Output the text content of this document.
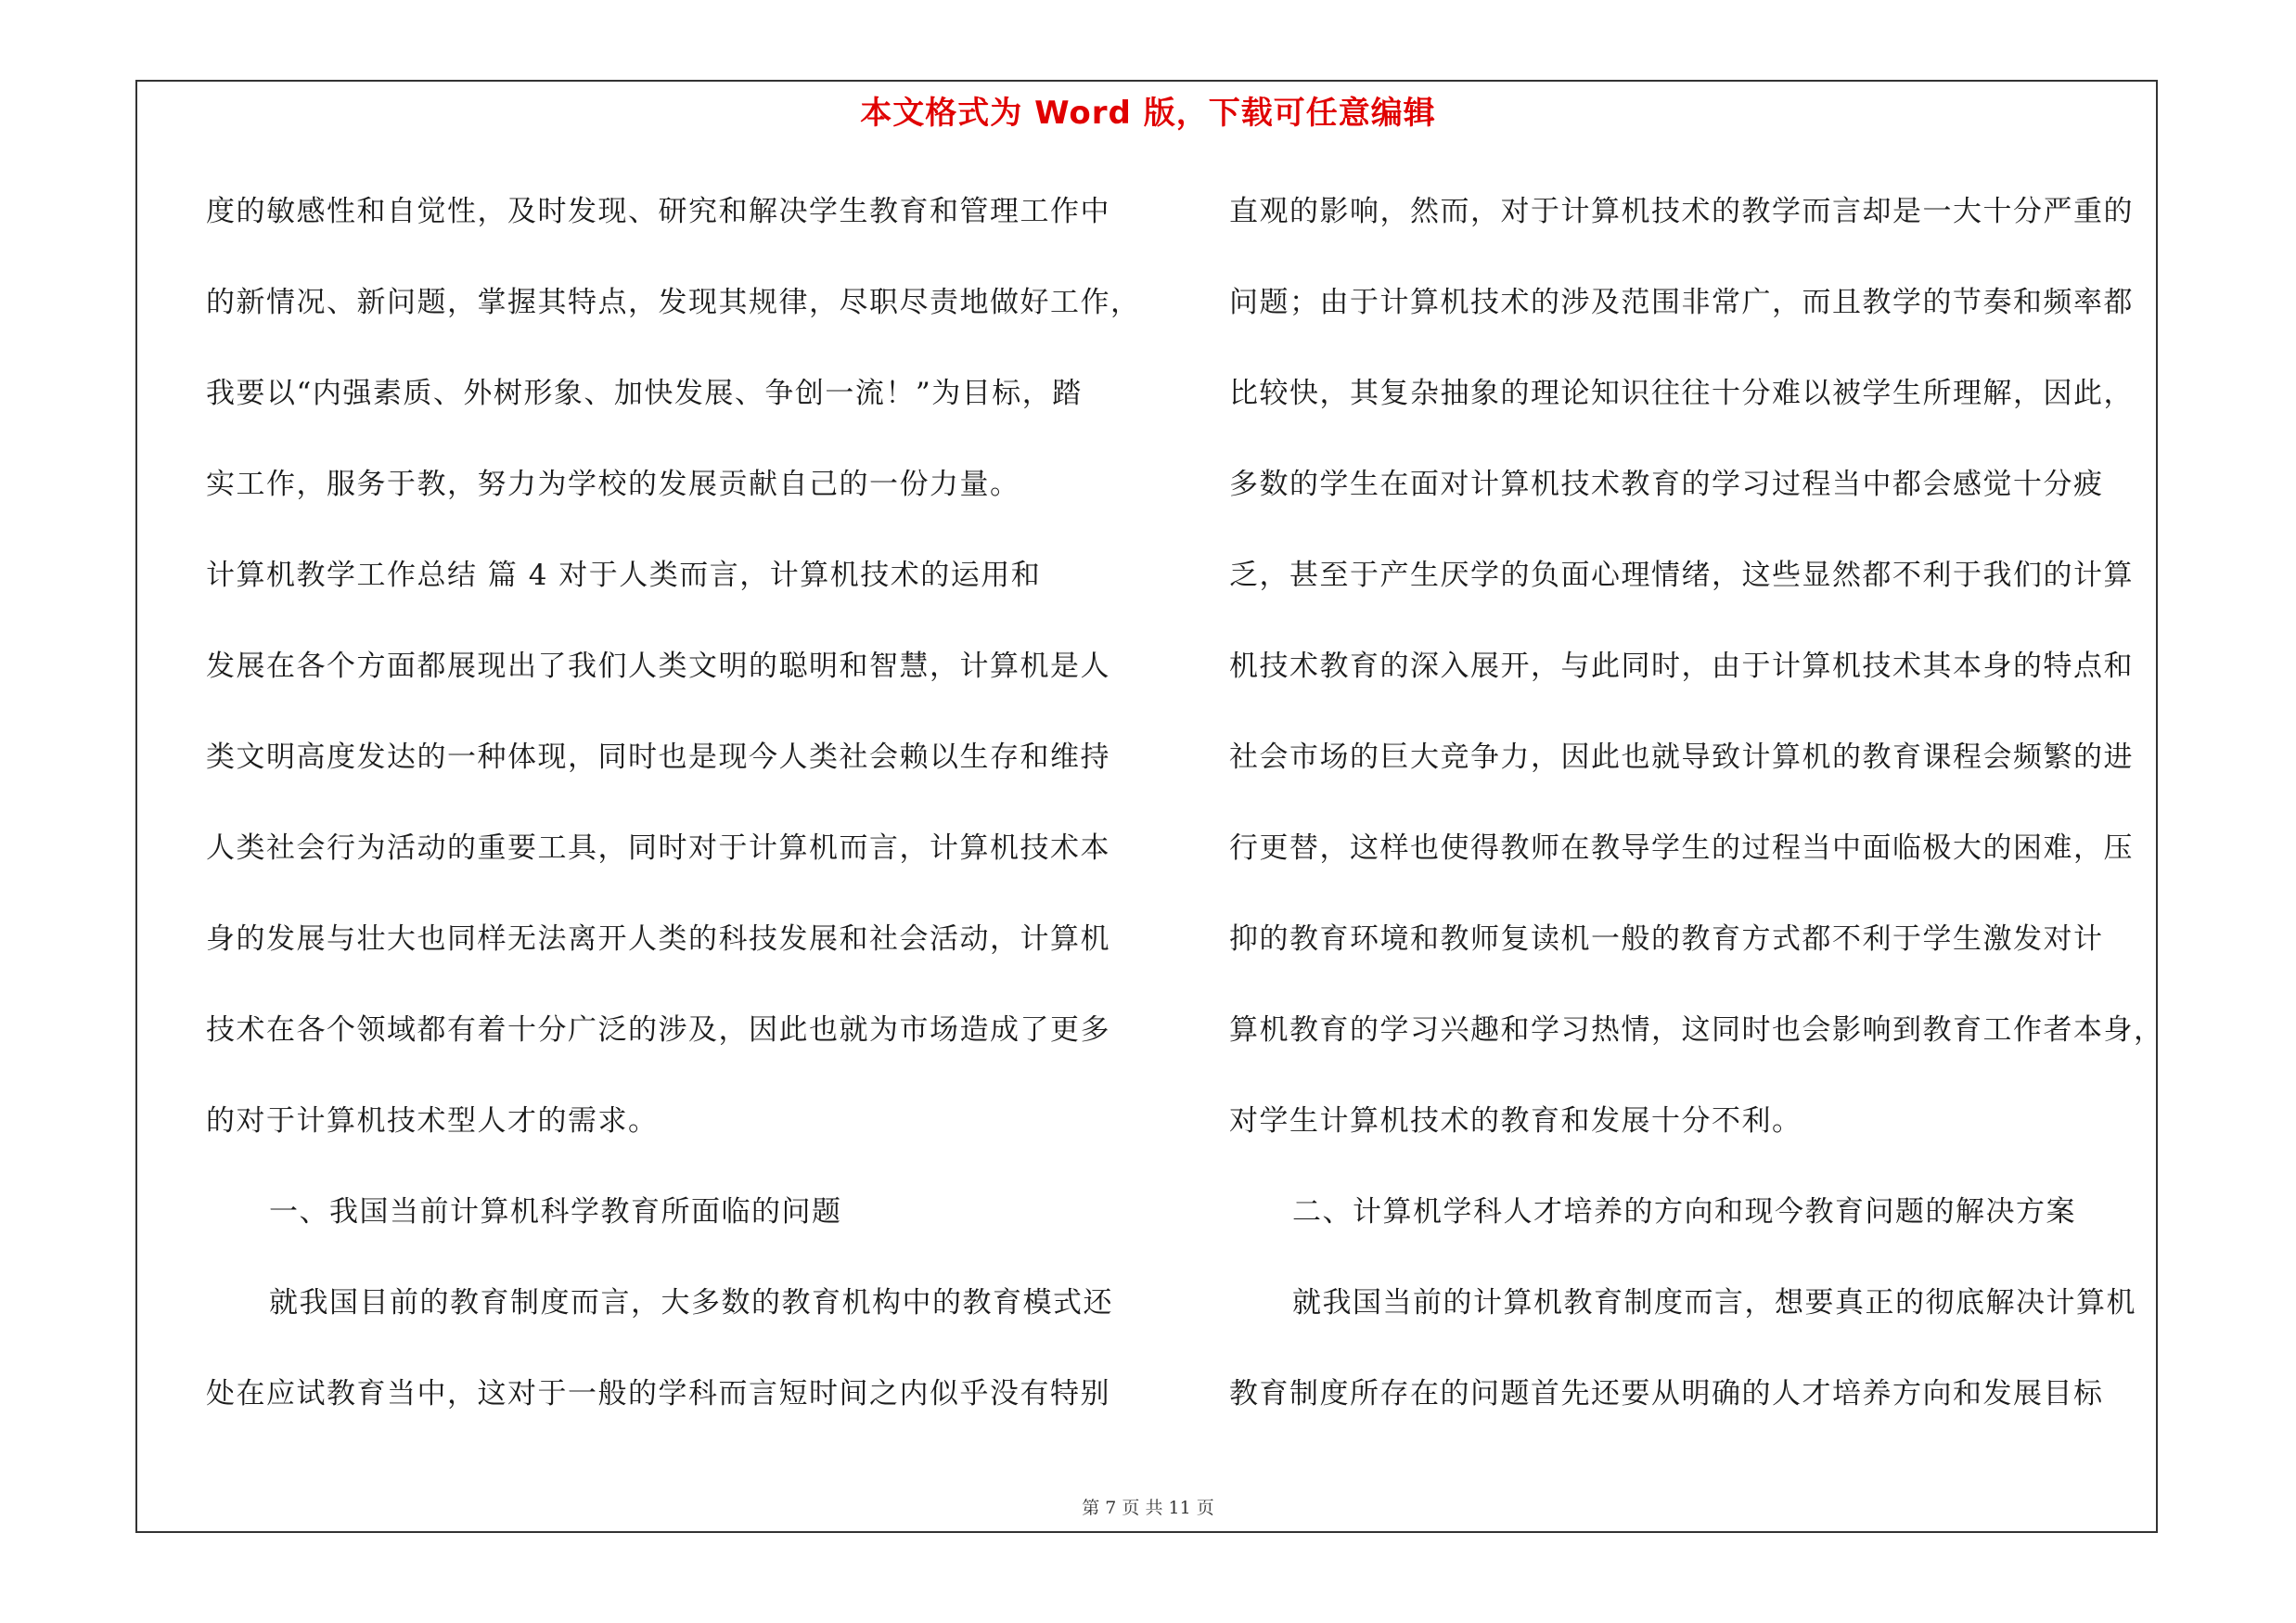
本文格式为 Word 版，下载可任意编辑
度的敏感性和自觉性，及时发现、研究和解决学生教育和管理工作中
的新情况、新问题，掌握其特点，发现其规律，尽职尽责地做好工作，
我要以“内强素质、外树形象、加快发展、争创一流！”为目标，踏
实工作，服务于教，努力为学校的发展贡献自己的一份力量。
计算机教学工作总结 篇 4 对于人类而言，计算机技术的运用和
发展在各个方面都展现出了我们人类文明的聪明和智慧，计算机是人
类文明高度发达的一种体现，同时也是现今人类社会赖以生存和维持
人类社会行为活动的重要工具，同时对于计算机而言，计算机技术本
身的发展与壮大也同样无法离开人类的科技发展和社会活动，计算机
技术在各个领域都有着十分广泛的涉及，因此也就为市场造成了更多
的对于计算机技术型人才的需求。
一、我国当前计算机科学教育所面临的问题
就我国目前的教育制度而言，大多数的教育机构中的教育模式还
处在应试教育当中，这对于一般的学科而言短时间之内似乎没有特别
直观的影响，然而，对于计算机技术的教学而言却是一大十分严重的
问题；由于计算机技术的涉及范围非常广，而且教学的节奏和频率都
比较快，其复杂抽象的理论知识往往十分难以被学生所理解，因此，
多数的学生在面对计算机技术教育的学习过程当中都会感觉十分疲
乏，甚至于产生厌学的负面心理情绪，这些显然都不利于我们的计算
机技术教育的深入展开，与此同时，由于计算机技术其本身的特点和
社会市场的巨大竞争力，因此也就导致计算机的教育课程会频繁的进
行更替，这样也使得教师在教导学生的过程当中面临极大的困难，压
抑的教育环境和教师复读机一般的教育方式都不利于学生激发对计
算机教育的学习兴趣和学习热情，这同时也会影响到教育工作者本身，
对学生计算机技术的教育和发展十分不利。
二、计算机学科人才培养的方向和现今教育问题的解决方案
就我国当前的计算机教育制度而言，想要真正的彻底解决计算机
教育制度所存在的问题首先还要从明确的人才培养方向和发展目标
第 7 页 共 11 页
